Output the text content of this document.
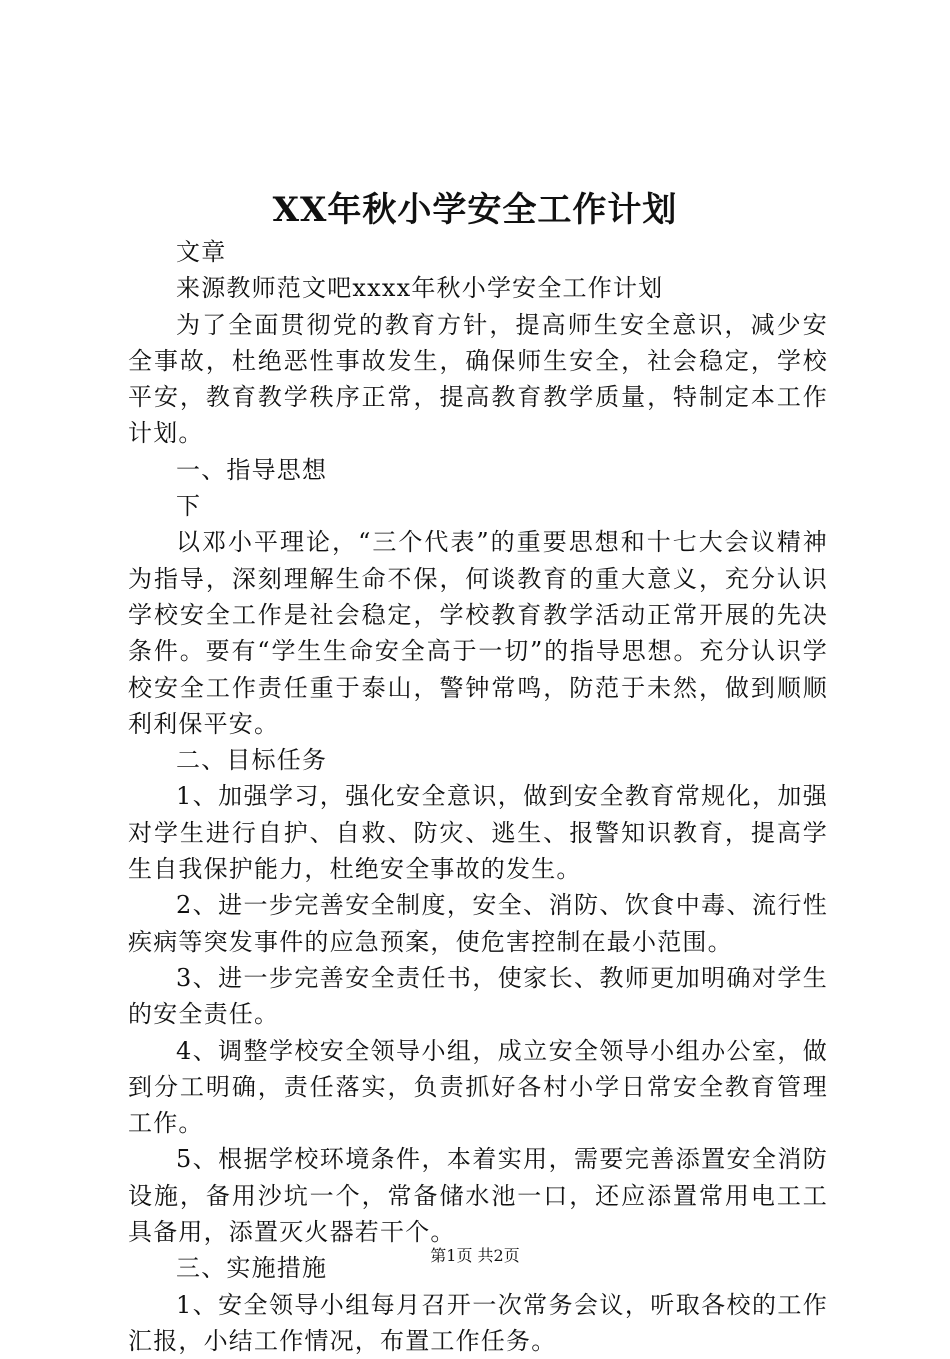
XX年秋小学安全工作计划

文章

来源教师范文吧xxxx年秋小学安全工作计划

为了全面贯彻党的教育方针，提高师生安全意识，减少安全事故，杜绝恶性事故发生，确保师生安全，社会稳定，学校平安，教育教学秩序正常，提高教育教学质量，特制定本工作计划。

一、指导思想

下

以邓小平理论，“三个代表”的重要思想和十七大会议精神为指导，深刻理解生命不保，何谈教育的重大意义，充分认识学校安全工作是社会稳定，学校教育教学活动正常开展的先决条件。要有“学生生命安全高于一切”的指导思想。充分认识学校安全工作责任重于泰山，警钟常鸣，防范于未然，做到顺顺利利保平安。

二、目标任务

1、加强学习，强化安全意识，做到安全教育常规化，加强对学生进行自护、自救、防灾、逃生、报警知识教育，提高学生自我保护能力，杜绝安全事故的发生。

2、进一步完善安全制度，安全、消防、饮食中毒、流行性疾病等突发事件的应急预案，使危害控制在最小范围。

3、进一步完善安全责任书，使家长、教师更加明确对学生的安全责任。

4、调整学校安全领导小组，成立安全领导小组办公室，做到分工明确，责任落实，负责抓好各村小学日常安全教育管理工作。

5、根据学校环境条件，本着实用，需要完善添置安全消防设施，备用沙坑一个，常备储水池一口，还应添置常用电工工具备用，添置灭火器若干个。

三、实施措施

1、安全领导小组每月召开一次常务会议，听取各校的工作汇报，小结工作情况，布置工作任务。

第1页 共2页
